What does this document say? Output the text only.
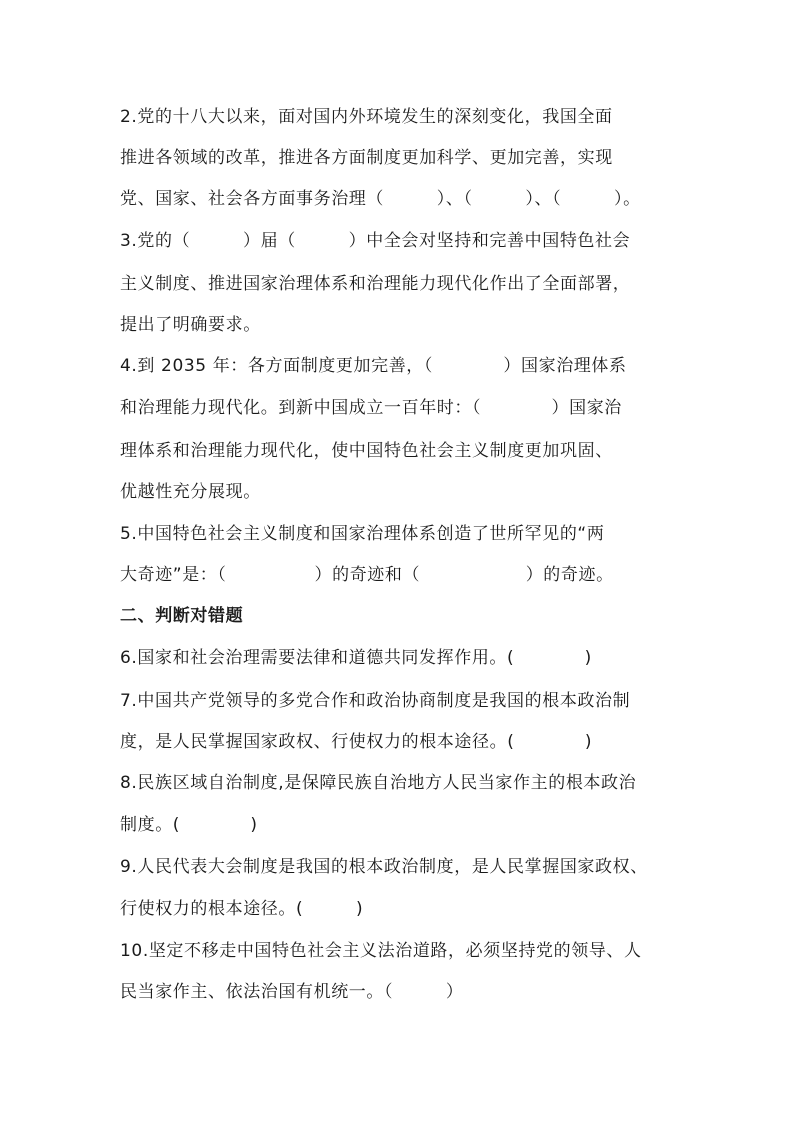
2.党的十八大以来，面对国内外环境发生的深刻变化，我国全面
推进各领域的改革，推进各方面制度更加科学、更加完善，实现
党、国家、社会各方面事务治理（　　　）、（　　　）、（　　　）。
3.党的（　　　）届（　　　）中全会对坚持和完善中国特色社会
主义制度、推进国家治理体系和治理能力现代化作出了全面部署，
提出了明确要求。
4.到 2035 年：各方面制度更加完善，（　　　　）国家治理体系
和治理能力现代化。到新中国成立一百年时：（　　　　）国家治
理体系和治理能力现代化，使中国特色社会主义制度更加巩固、
优越性充分展现。
5.中国特色社会主义制度和国家治理体系创造了世所罕见的“两
大奇迹”是：（　　　　　）的奇迹和（　　　　　　）的奇迹。
二、判断对错题
6.国家和社会治理需要法律和道德共同发挥作用。(　　　　)
7.中国共产党领导的多党合作和政治协商制度是我国的根本政治制
度，是人民掌握国家政权、行使权力的根本途径。(　　　　)
8.民族区域自治制度,是保障民族自治地方人民当家作主的根本政治
制度。(　　　　)
9.人民代表大会制度是我国的根本政治制度，是人民掌握国家政权、
行使权力的根本途径。(　　　)
10.坚定不移走中国特色社会主义法治道路，必须坚持党的领导、人
民当家作主、依法治国有机统一。（　　　）
